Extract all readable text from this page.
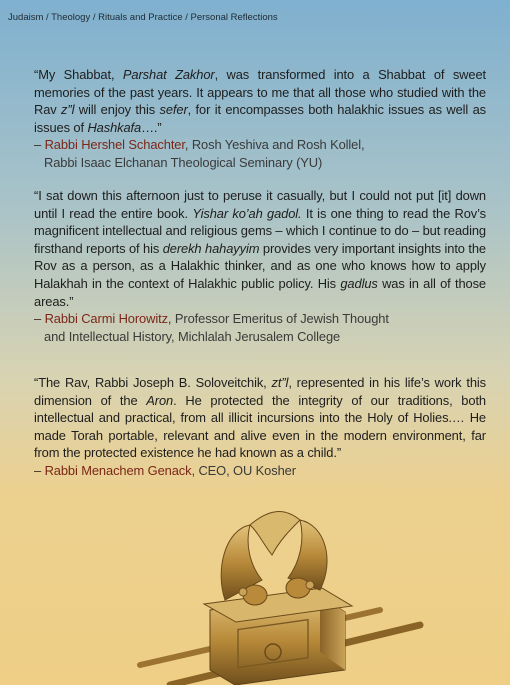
Judaism / Theology / Rituals and Practice / Personal Reflections
“My Shabbat, Parshat Zakhor, was transformed into a Shabbat of sweet memories of the past years. It appears to me that all those who studied with the Rav z”l will enjoy this sefer, for it encompasses both halakhic issues as well as issues of Hashkafa….”
– Rabbi Hershel Schachter, Rosh Yeshiva and Rosh Kollel,
Rabbi Isaac Elchanan Theological Seminary (YU)
“I sat down this afternoon just to peruse it casually, but I could not put [it] down until I read the entire book. Yishar ko’ah gadol. It is one thing to read the Rov’s magnificent intellectual and religious gems – which I continue to do – but reading firsthand reports of his derekh hahayyim provides very important insights into the Rov as a person, as a Halakhic thinker, and as one who knows how to apply Halakhah in the context of Halakhic public policy. His gadlus was in all of those areas.”
– Rabbi Carmi Horowitz, Professor Emeritus of Jewish Thought
and Intellectual History, Michlalah Jerusalem College
“The Rav, Rabbi Joseph B. Soloveitchik, zt”l, represented in his life’s work this dimension of the Aron. He protected the integrity of our traditions, both intellectual and practical, from all illicit incursions into the Holy of Holies.… He made Torah portable, relevant and alive even in the modern environment, far from the protected existence he had known as a child.”
– Rabbi Menachem Genack, CEO, OU Kosher
